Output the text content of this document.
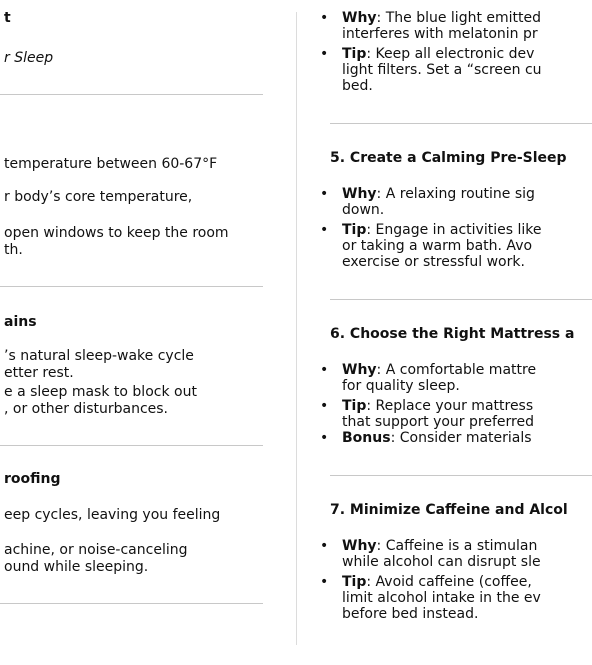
t
r Sleep
temperature between 60-67°F
r body’s core temperature,
open windows to keep the room
th.
ains
’s natural sleep-wake cycle
etter rest.
e a sleep mask to block out
, or other disturbances.
roofing
eep cycles, leaving you feeling
achine, or noise-canceling
ound while sleeping.
• Why: The blue light emitted
interferes with melatonin pr
• Tip: Keep all electronic dev
light filters. Set a “screen cu
bed.
5. Create a Calming Pre-Sleep
• Why: A relaxing routine sig
down.
• Tip: Engage in activities like
or taking a warm bath. Avo
exercise or stressful work.
6. Choose the Right Mattress a
• Why: A comfortable mattre
for quality sleep.
• Tip: Replace your mattress
that support your preferred
• Bonus: Consider materials
7. Minimize Caffeine and Alcol
• Why: Caffeine is a stimulan
while alcohol can disrupt sle
• Tip: Avoid caffeine (coffee,
limit alcohol intake in the ev
before bed instead.
